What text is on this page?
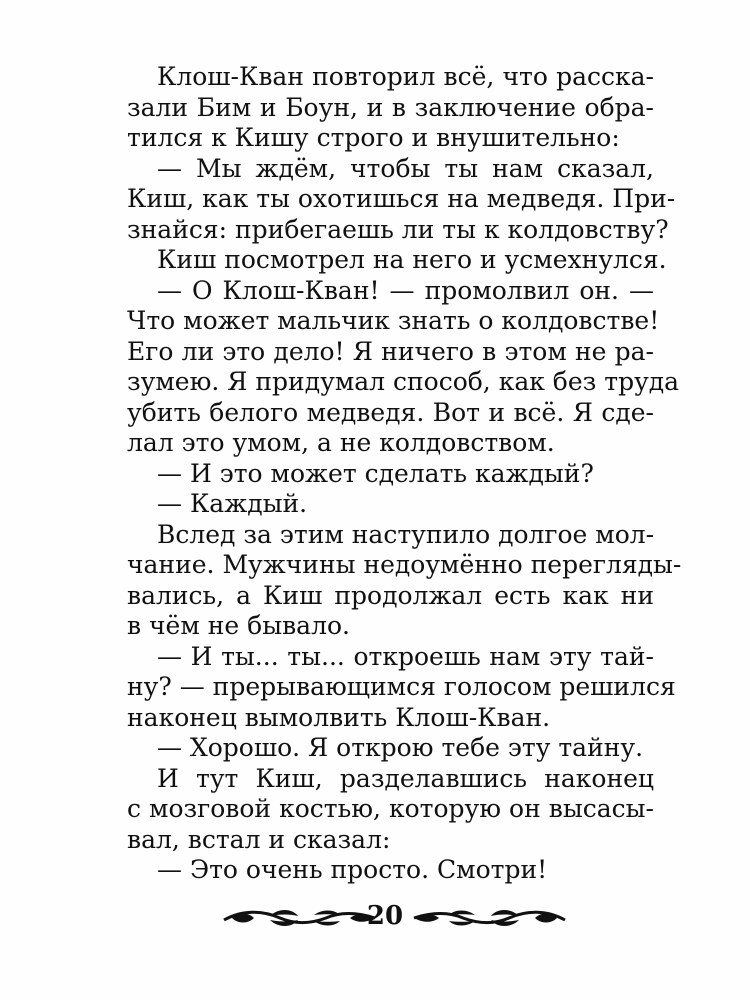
Клош-Кван повторил всё, что расска-
зали Бим и Боун, и в заключение обра-
тился к Кишу строго и внушительно:
— Мы ждём, чтобы ты нам сказал,
Киш, как ты охотишься на медведя. При-
знайся: прибегаешь ли ты к колдовству?
Киш посмотрел на него и усмехнулся.
— О Клош-Кван! — промолвил он. —
Что может мальчик знать о колдовстве!
Его ли это дело! Я ничего в этом не ра-
зумею. Я придумал способ, как без труда
убить белого медведя. Вот и всё. Я сде-
лал это умом, а не колдовством.
— И это может сделать каждый?
— Каждый.
Вслед за этим наступило долгое мол-
чание. Мужчины недоумённо перегляды-
вались, а Киш продолжал есть как ни
в чём не бывало.
— И ты... ты... откроешь нам эту тай-
ну? — прерывающимся голосом решился
наконец вымолвить Клош-Кван.
— Хорошо. Я открою тебе эту тайну.
И тут Киш, разделавшись наконец
с мозговой костью, которую он высасы-
вал, встал и сказал:
— Это очень просто. Смотри!
20
